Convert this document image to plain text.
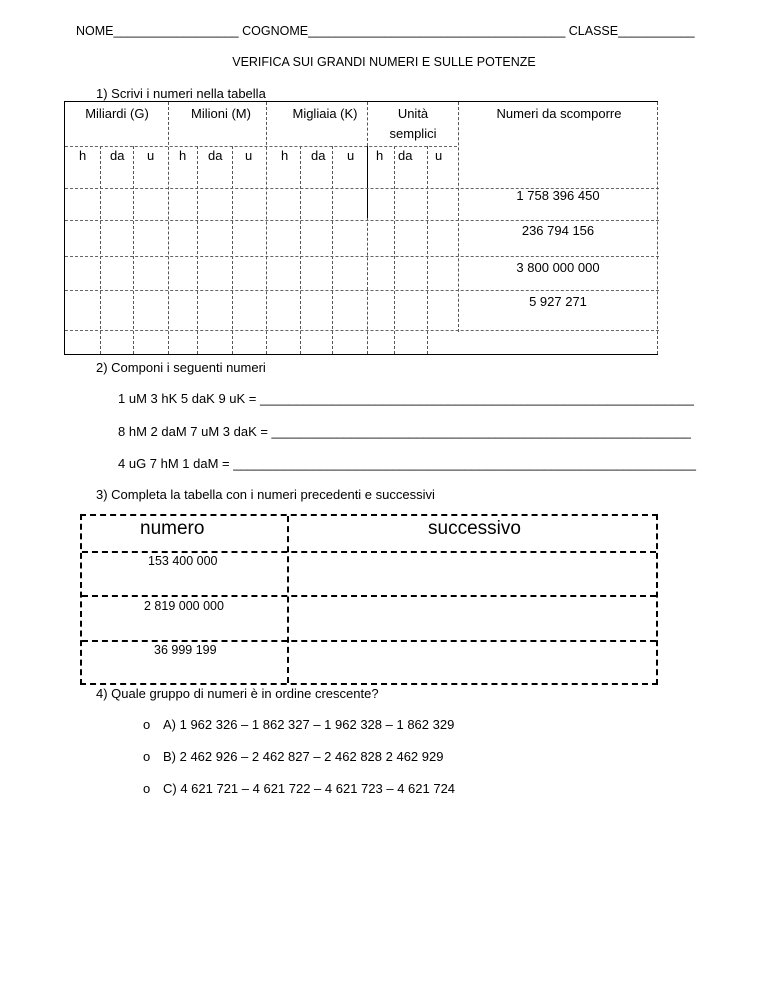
NOME__________________ COGNOME_____________________________________ CLASSE___________
VERIFICA SUI GRANDI NUMERI E SULLE POTENZE
1) Scrivi i numeri nella tabella
Miliardi (G)	Milioni (M)	Migliaia (K)	Unità
semplici
Numeri da scomporre
h da u h da u h da u h da u
1 758 396 450
236 794 156
3 800 000 000
5 927 271
2) Componi i seguenti numeri
1 uM 3 hK 5 daK 9 uK = ____________________________________________________________
8 hM 2 daM 7 uM 3 daK = __________________________________________________________
4 uG 7 hM 1 daM = ________________________________________________________________
3) Completa la tabella con i numeri precedenti e successivi
numero	successivo
153 400 000
2 819 000 000
36 999 199
4) Quale gruppo di numeri è in ordine crescente?
o A) 1 962 326 – 1 862 327 – 1 962 328 – 1 862 329
o B) 2 462 926 – 2 462 827 – 2 462 828 2 462 929
o C) 4 621 721 – 4 621 722 – 4 621 723 – 4 621 724
